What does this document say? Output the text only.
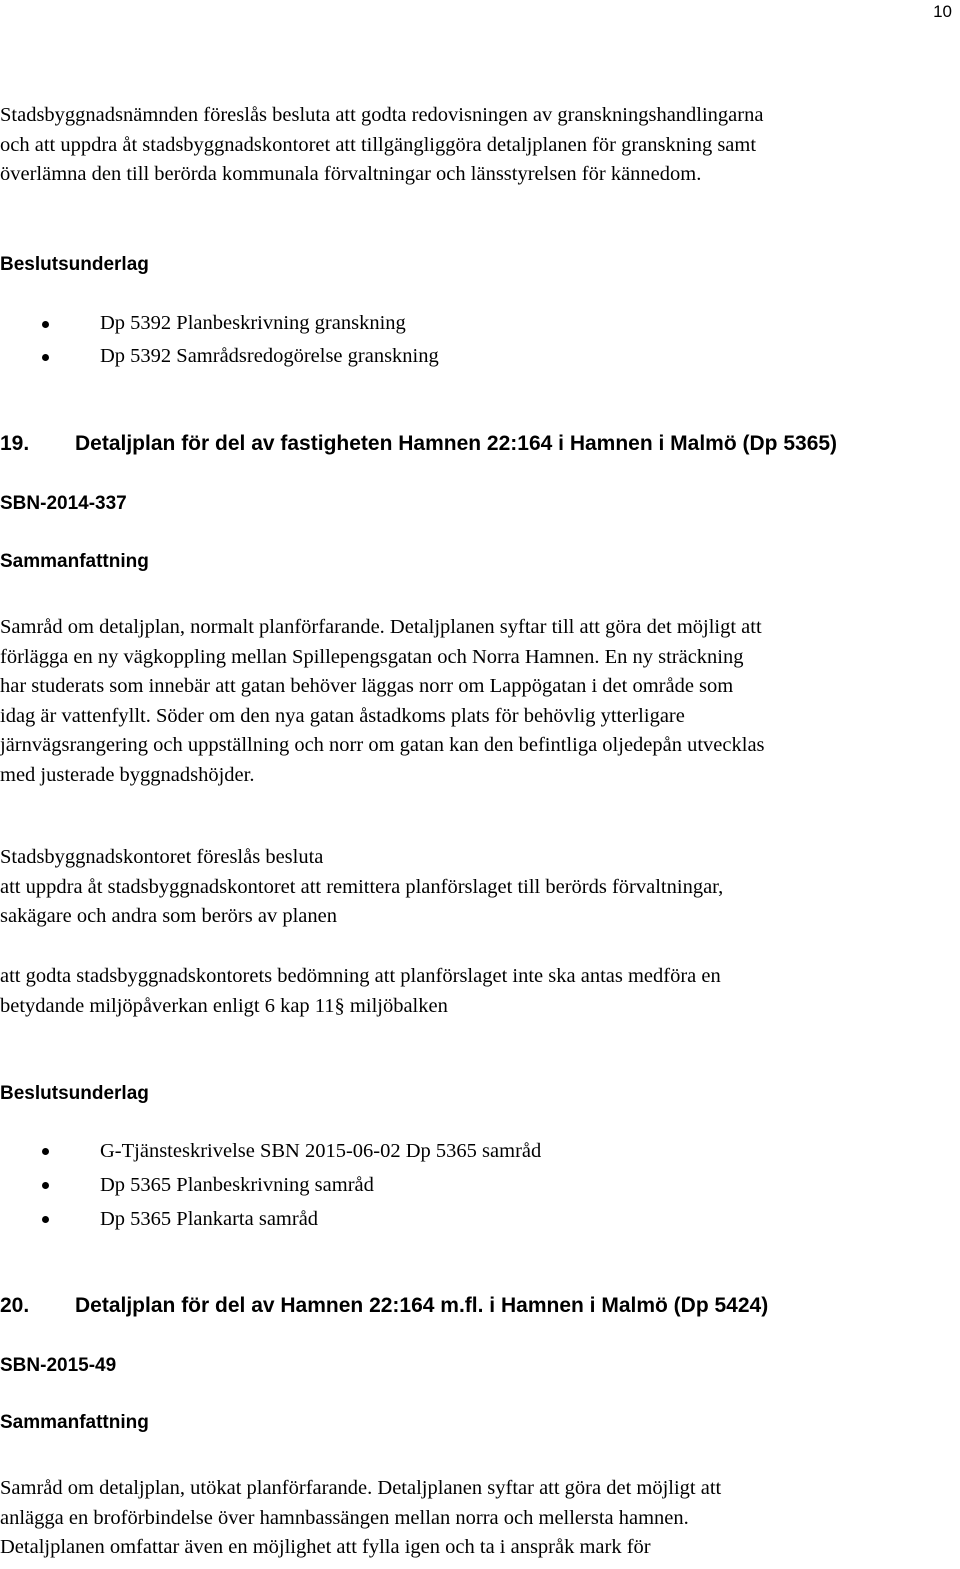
10
Stadsbyggnadsnämnden föreslås besluta att godta redovisningen av granskningshandlingarna
och att uppdra åt stadsbyggnadskontoret att tillgängliggöra detaljplanen för granskning samt
överlämna den till berörda kommunala förvaltningar och länsstyrelsen för kännedom.
Beslutsunderlag
Dp 5392 Planbeskrivning granskning
Dp 5392 Samrådsredogörelse granskning
19. Detaljplan för del av fastigheten Hamnen 22:164 i Hamnen i Malmö (Dp 5365)
SBN-2014-337
Sammanfattning
Samråd om detaljplan, normalt planförfarande. Detaljplanen syftar till att göra det möjligt att
förlägga en ny vägkoppling mellan Spillepengsgatan och Norra Hamnen. En ny sträckning
har studerats som innebär att gatan behöver läggas norr om Lappögatan i det område som
idag är vattenfyllt. Söder om den nya gatan åstadkoms plats för behövlig ytterligare
järnvägsrangering och uppställning och norr om gatan kan den befintliga oljedepån utvecklas
med justerade byggnadshöjder.
Stadsbyggnadskontoret föreslås besluta
att uppdra åt stadsbyggnadskontoret att remittera planförslaget till berörds förvaltningar,
sakägare och andra som berörs av planen
att godta stadsbyggnadskontorets bedömning att planförslaget inte ska antas medföra en
betydande miljöpåverkan enligt 6 kap 11§ miljöbalken
Beslutsunderlag
G-Tjänsteskrivelse SBN 2015-06-02 Dp 5365 samråd
Dp 5365 Planbeskrivning samråd
Dp 5365 Plankarta samråd
20. Detaljplan för del av Hamnen 22:164 m.fl. i Hamnen i Malmö (Dp 5424)
SBN-2015-49
Sammanfattning
Samråd om detaljplan, utökat planförfarande. Detaljplanen syftar att göra det möjligt att
anlägga en broförbindelse över hamnbassängen mellan norra och mellersta hamnen.
Detaljplanen omfattar även en möjlighet att fylla igen och ta i anspråk mark för
